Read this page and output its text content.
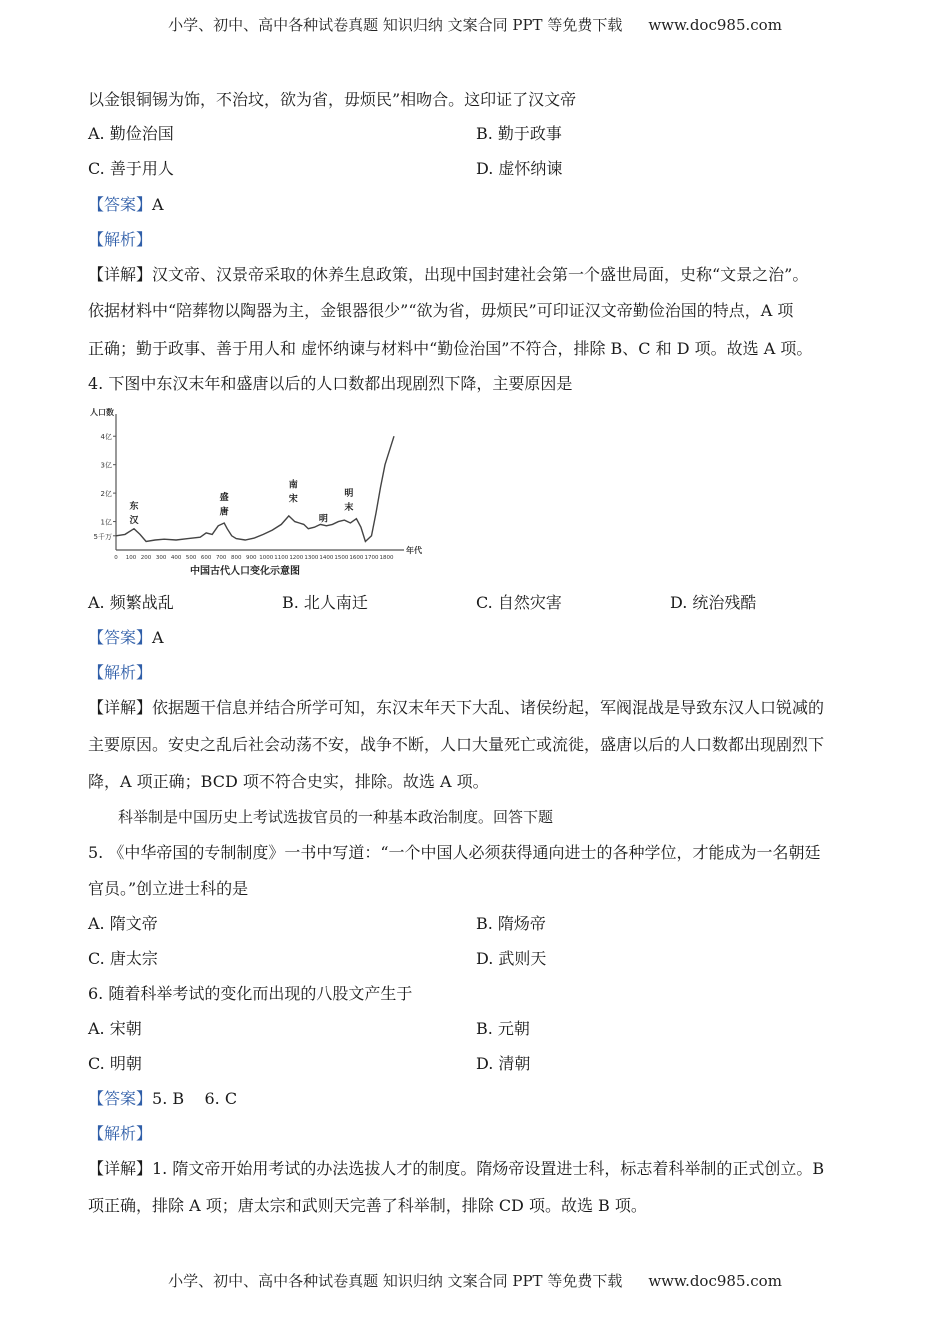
小学、初中、高中各种试卷真题 知识归纳 文案合同 PPT 等免费下载 www.doc985.com
以金银铜锡为饰，不治坟，欲为省，毋烦民”相吻合。这印证了汉文帝
A. 勤俭治国	B. 勤于政事
C. 善于用人	D. 虚怀纳谏
【答案】A
【解析】
【详解】汉文帝、汉景帝采取的休养生息政策，出现中国封建社会第一个盛世局面，史称“文景之治”。
依据材料中“陪葬物以陶器为主，金银器很少”“欲为省，毋烦民”可印证汉文帝勤俭治国的特点，A 项
正确；勤于政事、善于用人和 虚怀纳谏与材料中“勤俭治国”不符合，排除 B、C 和 D 项。故选 A 项。
4. 下图中东汉末年和盛唐以后的人口数都出现剧烈下降，主要原因是
人口数
年代
5千万
1亿
2亿
3亿
4亿
0 100 200 300 400 500 600 700 800 900 1000 1100 1200 1300 1400 1500 1600 1700 1800
东
汉
盛
唐
南
宋
明
明
末
中国古代人口变化示意图
A. 频繁战乱	B. 北人南迁	C. 自然灾害	D. 统治残酷
【答案】A
【解析】
【详解】依据题干信息并结合所学可知，东汉末年天下大乱、诸侯纷起，军阀混战是导致东汉人口锐减的
主要原因。安史之乱后社会动荡不安，战争不断，人口大量死亡或流徙，盛唐以后的人口数都出现剧烈下
降，A 项正确；BCD 项不符合史实，排除。故选 A 项。
科举制是中国历史上考试选拔官员的一种基本政治制度。回答下题
5. 《中华帝国的专制制度》一书中写道：“一个中国人必须获得通向进士的各种学位，才能成为一名朝廷
官员。”创立进士科的是
A. 隋文帝	B. 隋炀帝
C. 唐太宗	D. 武则天
6. 随着科举考试的变化而出现的八股文产生于
A. 宋朝	B. 元朝
C. 明朝	D. 清朝
【答案】5. B    6. C
【解析】
【详解】1. 隋文帝开始用考试的办法选拔人才的制度。隋炀帝设置进士科，标志着科举制的正式创立。B
项正确，排除 A 项；唐太宗和武则天完善了科举制，排除 CD 项。故选 B 项。
小学、初中、高中各种试卷真题 知识归纳 文案合同 PPT 等免费下载 www.doc985.com
